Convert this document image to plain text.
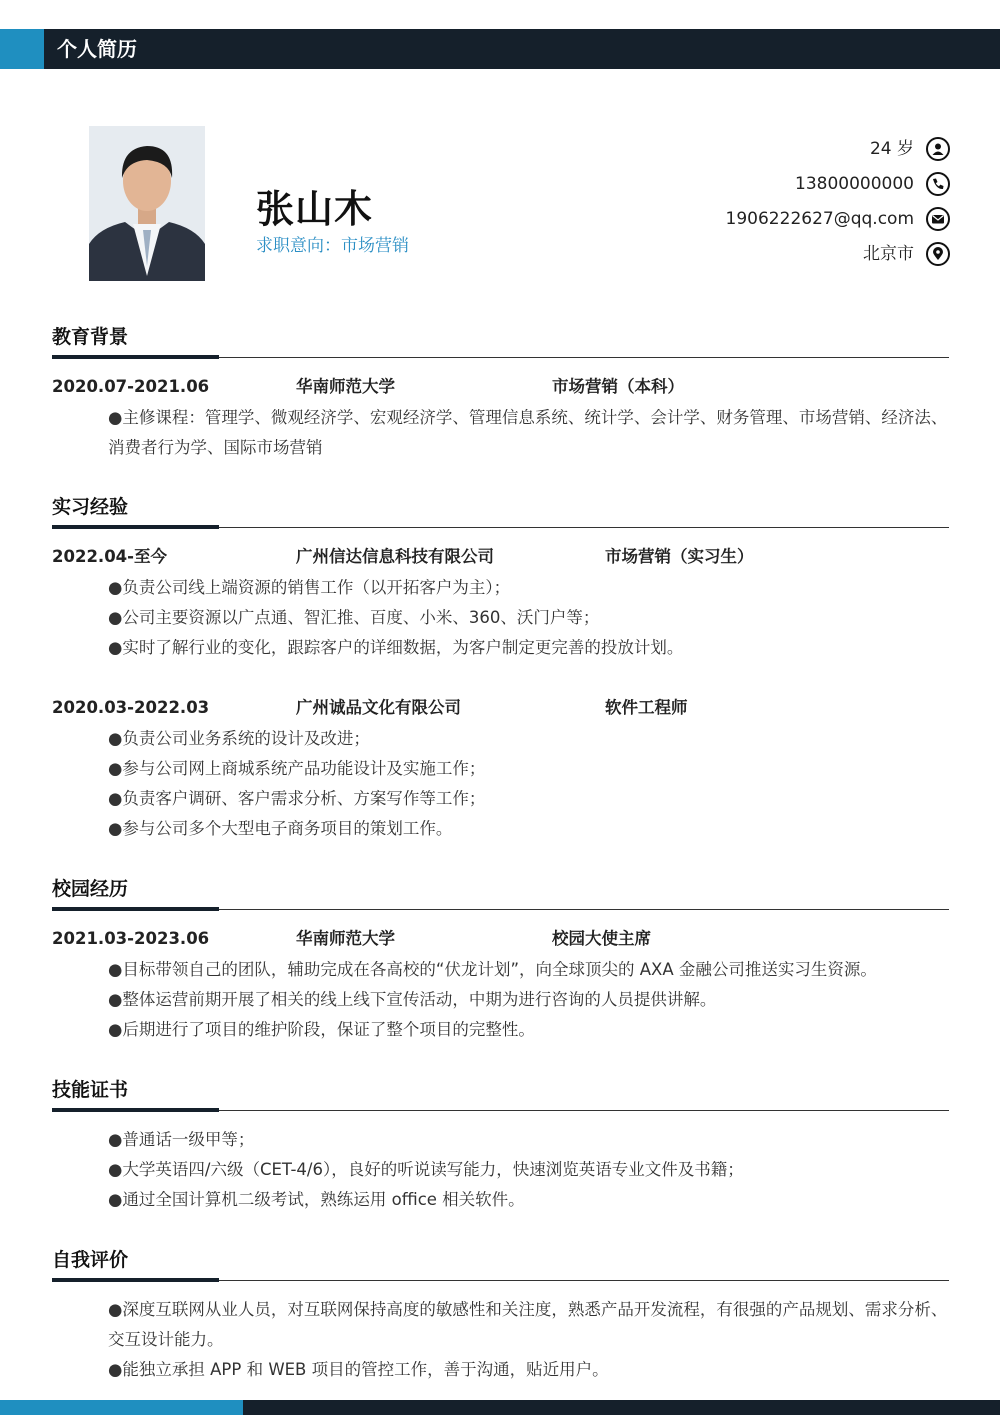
个人简历
张山木
求职意向：市场营销
24 岁
13800000000
1906222627@qq.com
北京市
教育背景
2020.07-2021.06	华南师范大学	市场营销（本科）
●主修课程：管理学、微观经济学、宏观经济学、管理信息系统、统计学、会计学、财务管理、市场营销、经济法、消费者行为学、国际市场营销
实习经验
2022.04-至今	广州信达信息科技有限公司	市场营销（实习生）
●负责公司线上端资源的销售工作（以开拓客户为主）；
●公司主要资源以广点通、智汇推、百度、小米、360、沃门户等；
●实时了解行业的变化，跟踪客户的详细数据，为客户制定更完善的投放计划。
2020.03-2022.03	广州诚品文化有限公司	软件工程师
●负责公司业务系统的设计及改进；
●参与公司网上商城系统产品功能设计及实施工作；
●负责客户调研、客户需求分析、方案写作等工作；
●参与公司多个大型电子商务项目的策划工作。
校园经历
2021.03-2023.06	华南师范大学	校园大使主席
●目标带领自己的团队，辅助完成在各高校的“伏龙计划”，向全球顶尖的 AXA 金融公司推送实习生资源。
●整体运营前期开展了相关的线上线下宣传活动，中期为进行咨询的人员提供讲解。
●后期进行了项目的维护阶段，保证了整个项目的完整性。
技能证书
●普通话一级甲等；
●大学英语四/六级（CET-4/6），良好的听说读写能力，快速浏览英语专业文件及书籍；
●通过全国计算机二级考试，熟练运用 office 相关软件。
自我评价
●深度互联网从业人员，对互联网保持高度的敏感性和关注度，熟悉产品开发流程，有很强的产品规划、需求分析、交互设计能力。
●能独立承担 APP 和 WEB 项目的管控工作，善于沟通，贴近用户。
